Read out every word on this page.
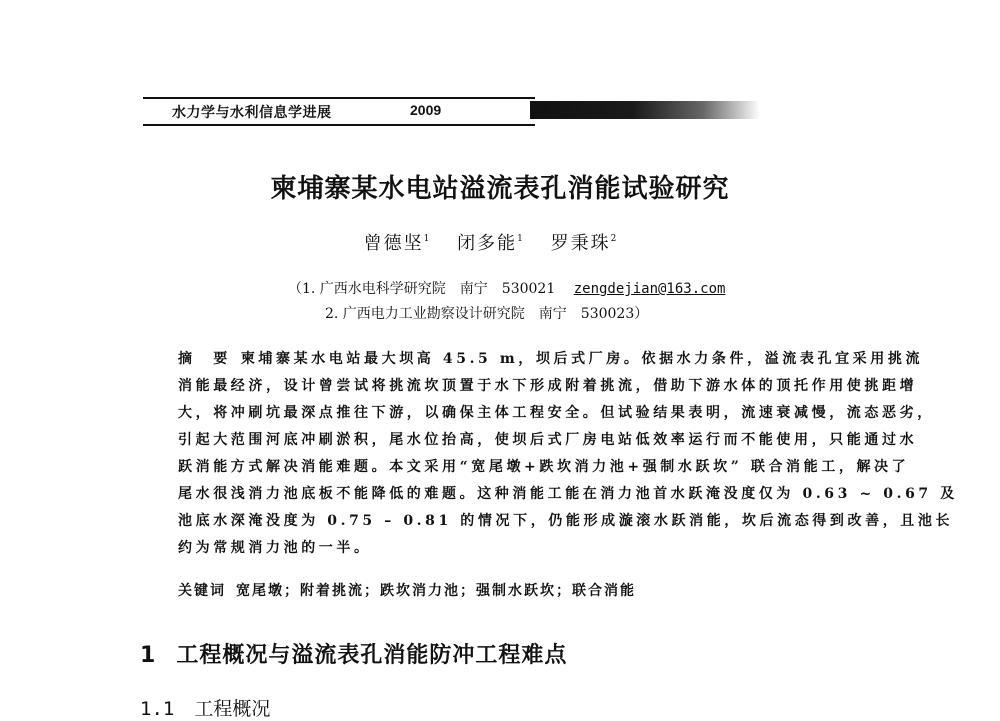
水力学与水利信息学进展	2009
柬埔寨某水电站溢流表孔消能试验研究
曾德坚$^1$ 闭多能$^1$ 罗秉珠$^2$
（1. 广西水电科学研究院　南宁　530021 zengdejian@163.com
2. 广西电力工业勘察设计研究院　南宁　530023）
摘　要 柬埔寨某水电站最大坝高 45.5 m，坝后式厂房。依据水力条件，溢流表孔宜采用挑流
消能最经济，设计曾尝试将挑流坎顶置于水下形成附着挑流，借助下游水体的顶托作用使挑距增
大，将冲刷坑最深点推往下游，以确保主体工程安全。但试验结果表明，流速衰减慢，流态恶劣，
引起大范围河底冲刷淤积，尾水位抬高，使坝后式厂房电站低效率运行而不能使用，只能通过水
跃消能方式解决消能难题。本文采用“宽尾墩+跌坎消力池+强制水跃坎” 联合消能工，解决了
尾水很浅消力池底板不能降低的难题。这种消能工能在消力池首水跃淹没度仅为 0.63 ~ 0.67 及
池底水深淹没度为 0.75 – 0.81 的情况下，仍能形成漩滚水跃消能，坎后流态得到改善，且池长
约为常规消力池的一半。
关键词 宽尾墩；附着挑流；跌坎消力池；强制水跃坎；联合消能
1 工程概况与溢流表孔消能防冲工程难点
1.1 工程概况
